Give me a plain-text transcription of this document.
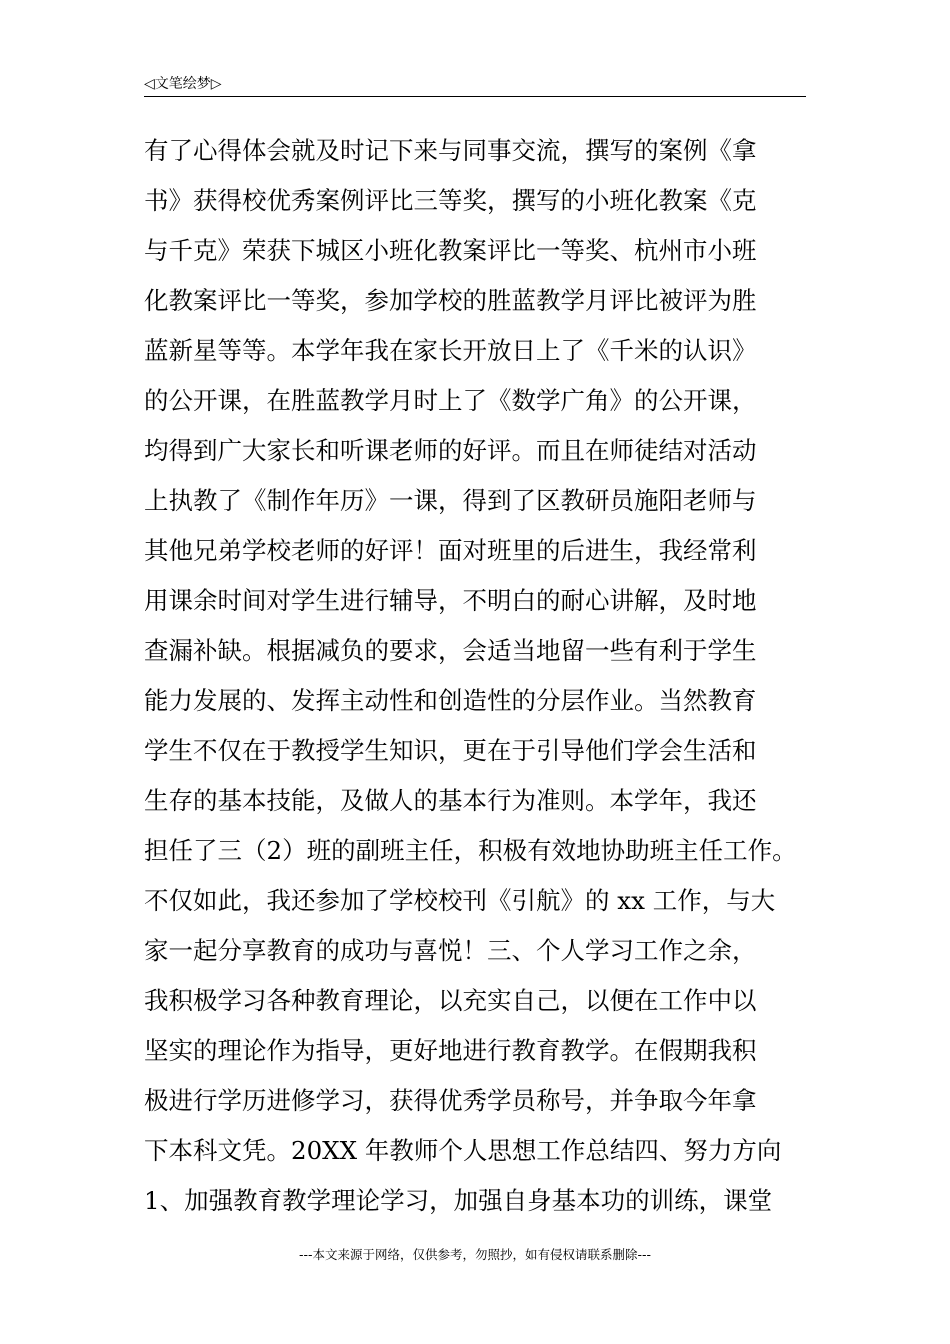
◁文笔绘梦▷
有了心得体会就及时记下来与同事交流，撰写的案例《拿
书》获得校优秀案例评比三等奖，撰写的小班化教案《克
与千克》荣获下城区小班化教案评比一等奖、杭州市小班
化教案评比一等奖，参加学校的胜蓝教学月评比被评为胜
蓝新星等等。本学年我在家长开放日上了《千米的认识》
的公开课，在胜蓝教学月时上了《数学广角》的公开课，
均得到广大家长和听课老师的好评。而且在师徒结对活动
上执教了《制作年历》一课，得到了区教研员施阳老师与
其他兄弟学校老师的好评！面对班里的后进生，我经常利
用课余时间对学生进行辅导，不明白的耐心讲解，及时地
查漏补缺。根据减负的要求，会适当地留一些有利于学生
能力发展的、发挥主动性和创造性的分层作业。当然教育
学生不仅在于教授学生知识，更在于引导他们学会生活和
生存的基本技能，及做人的基本行为准则。本学年，我还
担任了三（2）班的副班主任，积极有效地协助班主任工作。
不仅如此，我还参加了学校校刊《引航》的 xx 工作，与大
家一起分享教育的成功与喜悦！三、个人学习工作之余，
我积极学习各种教育理论，以充实自己，以便在工作中以
坚实的理论作为指导，更好地进行教育教学。在假期我积
极进行学历进修学习，获得优秀学员称号，并争取今年拿
下本科文凭。20XX 年教师个人思想工作总结四、努力方向
1、加强教育教学理论学习，加强自身基本功的训练，课堂
---本文来源于网络，仅供参考，勿照抄，如有侵权请联系删除---
